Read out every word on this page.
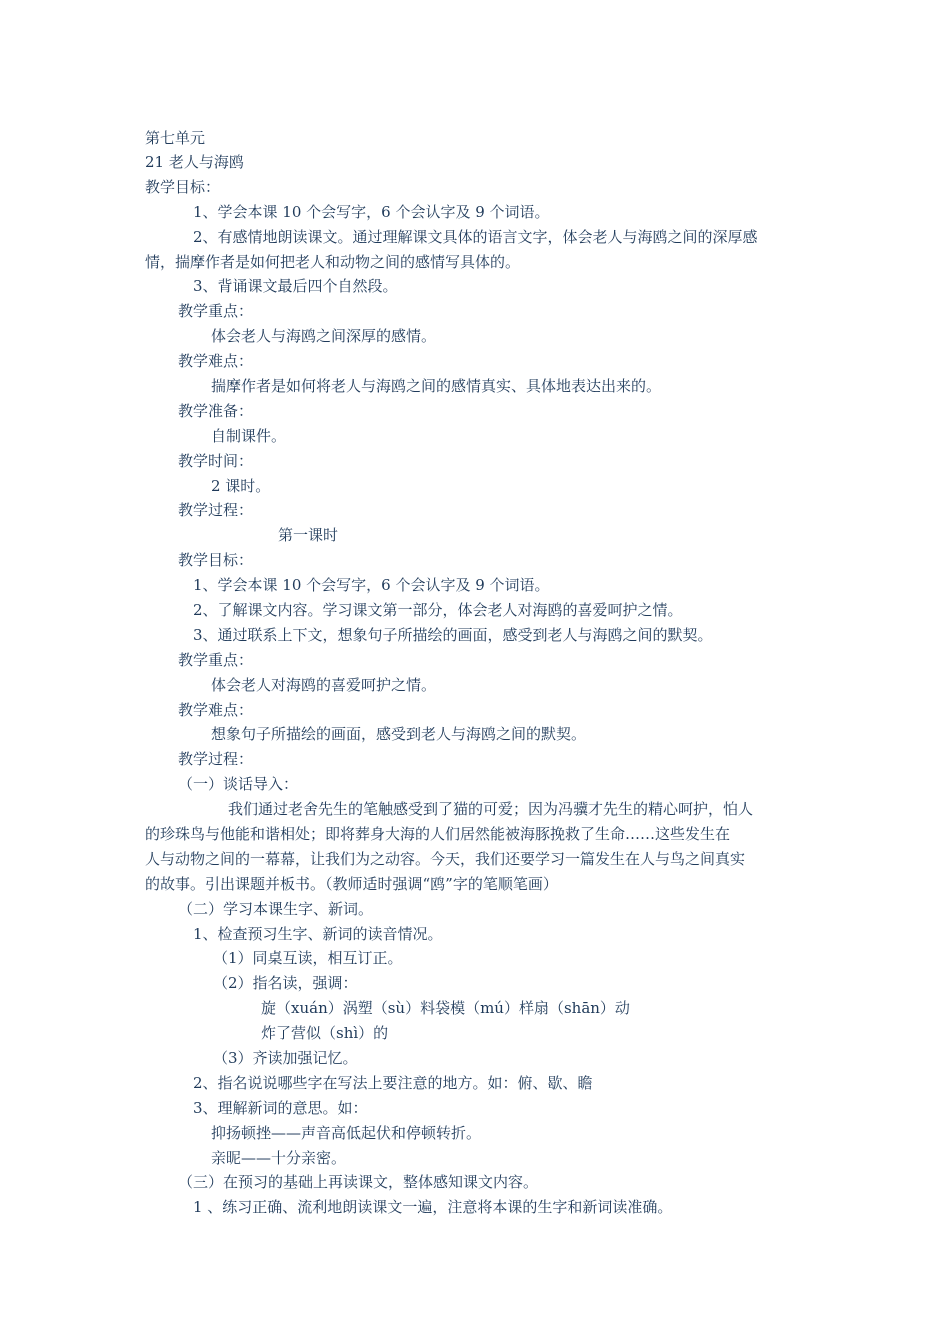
第七单元
21 老人与海鸥
教学目标：
1、学会本课 10 个会写字，6 个会认字及 9 个词语。
2、有感情地朗读课文。通过理解课文具体的语言文字，体会老人与海鸥之间的深厚感
情，揣摩作者是如何把老人和动物之间的感情写具体的。
3、背诵课文最后四个自然段。
教学重点：
体会老人与海鸥之间深厚的感情。
教学难点：
揣摩作者是如何将老人与海鸥之间的感情真实、具体地表达出来的。
教学准备：
自制课件。
教学时间：
2 课时。
教学过程：
第一课时
教学目标：
1、学会本课 10 个会写字，6 个会认字及 9 个词语。
2、了解课文内容。学习课文第一部分，体会老人对海鸥的喜爱呵护之情。
3、通过联系上下文，想象句子所描绘的画面，感受到老人与海鸥之间的默契。
教学重点：
体会老人对海鸥的喜爱呵护之情。
教学难点：
想象句子所描绘的画面，感受到老人与海鸥之间的默契。
教学过程：
（一）谈话导入：
我们通过老舍先生的笔触感受到了猫的可爱；因为冯骥才先生的精心呵护，怕人
的珍珠鸟与他能和谐相处；即将葬身大海的人们居然能被海豚挽救了生命……这些发生在
人与动物之间的一幕幕，让我们为之动容。今天，我们还要学习一篇发生在人与鸟之间真实
的故事。引出课题并板书。（教师适时强调“鸥”字的笔顺笔画）
（二）学习本课生字、新词。
1、检查预习生字、新词的读音情况。
（1）同桌互读，相互订正。
（2）指名读，强调：
旋（xuán）涡塑（sù）料袋模（mú）样扇（shān）动
炸了营似（shì）的
（3）齐读加强记忆。
2、指名说说哪些字在写法上要注意的地方。如：俯、歇、瞻
3、理解新词的意思。如：
抑扬顿挫——声音高低起伏和停顿转折。
亲昵——十分亲密。
（三）在预习的基础上再读课文，整体感知课文内容。
1 、练习正确、流利地朗读课文一遍，注意将本课的生字和新词读准确。
